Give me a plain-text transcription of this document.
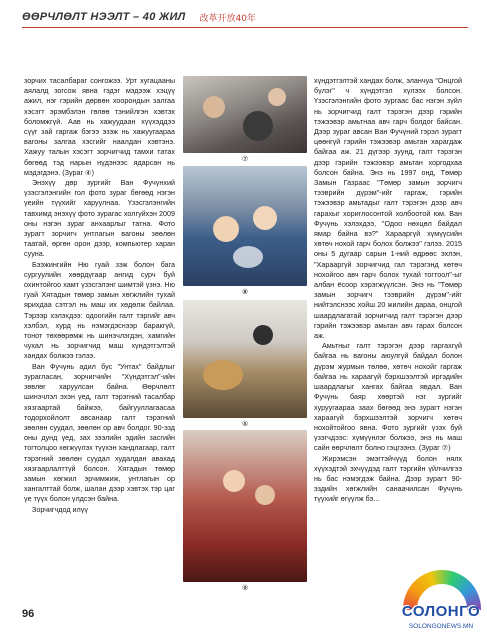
ӨӨРЧЛӨЛТ НЭЭЛТ – 40 ЖИЛ 改革开放40年

зорчих тасалбараг сонгожээ. Урт хугацааны аялалд зогсож явна гэдэг мэдээж хэцүү ажил, нэг гэрийн дөрвөн хоорондын залгаа хэсэгт эрэмбэлэн гөлөө тэнийлгэн хэвтэх боломжгүй. Аав нь хажуудаан хүүхэддээ сүүг зай гаргаж бэгээ эзэж нь хажуугаараа вагоны залгаа хэсгийг наалдан хэвтэнэ. Хажуу талын хэсэгт зорчигчид тамхи татах бөгөөд тэд нарын нүдэнээс ядарсан нь мэдэгдэнэ. (Зураг ④)

Энэхүү дөр зургийг Ван Фучүнхий үзэсгэлэнгийн гол фото зураг бөгөөд нэгэн үеийн түүхийг харуулнаа. Үзэсгэлэнгийн тавхимд энэхүү фото зурагас холгуйхэн 2009 оны нэгэн зураг анхаарлыг татна. Фото зурагт зорчигч унтлагын вагоны зөөлөн таатай, өргөн орон дээр, компьютер харан сууна.

Бээжингийн Ню гуай зэж болон бага сургуулийн хөөрдүгаар ангид сурч буй охинтойгоо хамт үзэсгэлэнг шимтэй үзнэ. Ню гуай Хятадын төмөр замын хөгжлийн тухай ярихдаа сэтгэл нь маш их хөдөлж байлаа. Тэрээр хэлэхдээ: одоогийн галт тэргийг авч хэлбэл, хурд нь нэмэгдэснээр баракгүй, тонот төхөөрөмж нь шинэчлэгдэн, хамгийн чухал нь зорчигчид маш хүндэтгэлтэй хандах болжээ гэлээ.

Ван Фучүнь адил бус "Унтах" байдлыг зурагласан, зорчигчийн "Хүндэтгэл"-ийн зөвлөг харуулсан байна. Өөрчлөлт шинэчлэл эхэн үед, галт тэрэгний тасалбар хязгаартай байжээ, байгууллагаасаа тодорхойлолт авсанаар галт тэрэгний зөөлөн суудал, зөөлөн ор авч болдог. 90-эзд оны дунд үед, зах зээлийн эдийн засгийн тогтолцоо хөгжүүлэх түүхэн хандлагаар, галт тэрэгний зөөлөн суудал худалдан авахад хязгаарлалттүй болсон. Хятадын төмөр замын хөгжил эрчимжиж, унтлагын ор хангалттай болж, шалан дээр хэвтэх тэр цаг үе түүх болон үлдсэн байна.

Зорчигчдод илүү

⑦
⑧
⑤
⑨

хүндэтгэлтэй хандах болж, эланчуа "Онцгой бүлэг" ч хүндэтгэл хүлээх болсон. Үзэсгэлэнгийн фото зургаас бас нэгэн зүйл нь зорчигчид галт тэрэгэн дээр гэрийн тэжээвэр амьтнаа авч гарч болдог байсан. Дээр зураг авсан Ван Фучүний гэрэл зурагт цөөнгүй гэрийн тэжээвэр амьтан харагдаж байгаа аж. 21 дүгээр зуунд, галт тэрэгэн дээр гэрийн тэжээвэр амьтан хоргодхаа болсон байна. Энэ нь 1997 онд, Төмөр Замын Газраас "Төмөр замын зорчигч тээврийн дүрэм"-ийг гаргаж, гэрийн тэжээвэр амьтадыг галт тэрэгэн дээр авч гарахыг хориглосонтой холбоотой юм. Ван Фучүнь хэлэхдээ, "Одоо нөхцөл байдал ямар байна вэ?" Харааргүй хүмүүсийн хөтөч нохой гарч болох болжээ" гэлээ. 2015 оны 5 дугаар сарын 1-ний өдрөөс эхлэн, "Харааргүй зорчигчид гал тэрэгэнд хөтөч нохойгоо авч гарч болох тухай тогтоол"-ыг албан ёсоор хэрэгжүүлсэн. Энэ нь "Төмөр замын зорчигч тээврийн дүрэм"-ийг нийтэлснээс хойш 20 жилийн дараа, онцгой шаардлагатай зорчигчид галт тэрэгэн дээр гэрийн тэжээвэр амьтан авч гарах болсон аж.

Амьтныг галт тэрэгэн дээр гаргахгүй байгаа нь вагоны аюулгүй байдал болон дүрэм журмын төлөө, хөтөч нохойг гаргаж байгаа нь хараагүй бэрхшээлтэй иргэдийн шаардлагыг хангах байгаа явдал. Ван Фучүнь баяр хөөртэй нэг зургийг хуруугаараа заах бөгөөд энэ зурагт нэгэн хараагүй бэрхшээлтэй зорчигч хөтөч нохойтойгоо явна. Фото зургийг үзэх буй үзэгчдээс: хүмүүнлэг болжээ, энэ нь маш сайн өөрчлөлт болно гэцгээнэ. (Зураг ⑦)

Жирэмсэн эмэгтэйчүүд болон нялх хүүхэдтэй эхчүүдэд галт тэргийн үйлчилгээ нь бас нэмэгдэж байна. Дээр зурагт 90-эздийн хөгжлийн санаачилсан Фучүнь түүхийг өгүүлж бэ...

96	СОЛОНГО
SOLONGONEWS.MN
